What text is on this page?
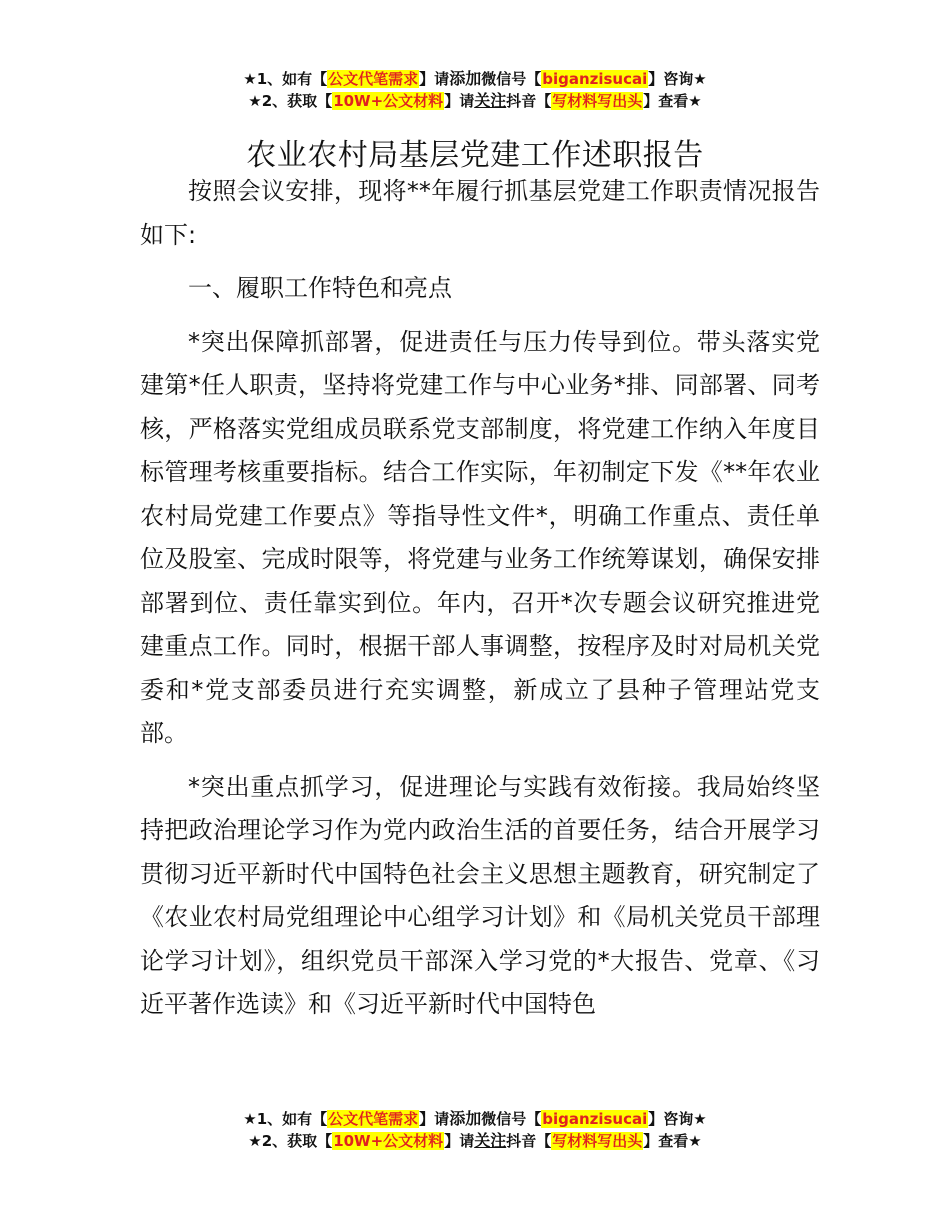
★1、如有【公文代笔需求】请添加微信号【biganzisucai】咨询★
★2、获取【10W+公文材料】请关注抖音【写材料写出头】查看★
农业农村局基层党建工作述职报告

按照会议安排，现将**年履行抓基层党建工作职责情况报告如下:

一、履职工作特色和亮点

*突出保障抓部署，促进责任与压力传导到位。带头落实党建第*任人职责，坚持将党建工作与中心业务*排、同部署、同考核，严格落实党组成员联系党支部制度，将党建工作纳入年度目标管理考核重要指标。结合工作实际，年初制定下发《**年农业农村局党建工作要点》等指导性文件*，明确工作重点、责任单位及股室、完成时限等，将党建与业务工作统筹谋划，确保安排部署到位、责任靠实到位。年内，召开*次专题会议研究推进党建重点工作。同时，根据干部人事调整，按程序及时对局机关党委和*党支部委员进行充实调整，新成立了县种子管理站党支部。

*突出重点抓学习，促进理论与实践有效衔接。我局始终坚持把政治理论学习作为党内政治生活的首要任务，结合开展学习贯彻习近平新时代中国特色社会主义思想主题教育，研究制定了《农业农村局党组理论中心组学习计划》和《局机关党员干部理论学习计划》，组织党员干部深入学习党的*大报告、党章、《习近平著作选读》和《习近平新时代中国特色

★1、如有【公文代笔需求】请添加微信号【biganzisucai】咨询★
★2、获取【10W+公文材料】请关注抖音【写材料写出头】查看★
